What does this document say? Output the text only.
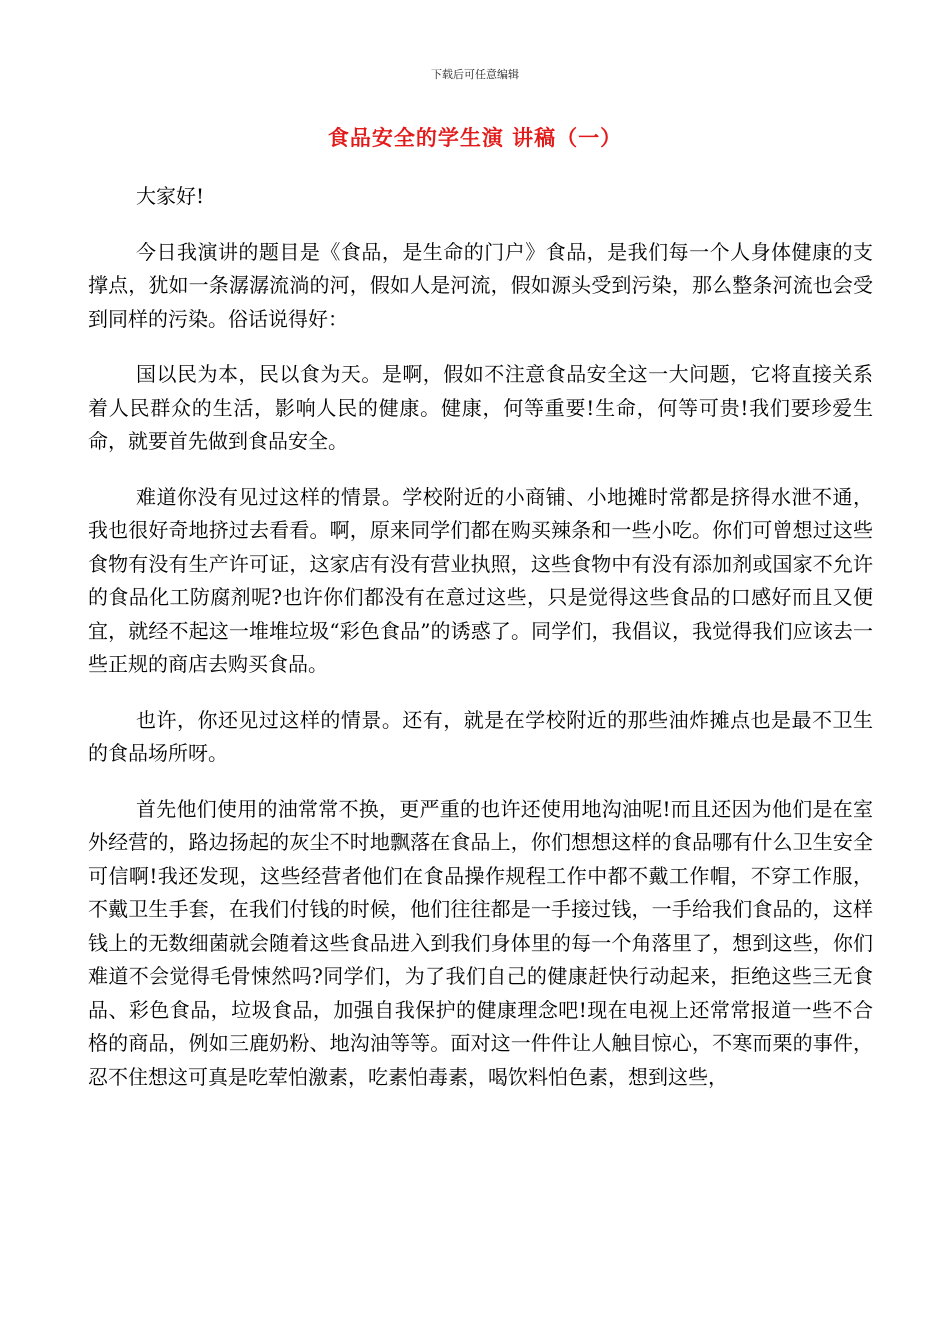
下载后可任意编辑
食品安全的学生演 讲稿（一）

大家好!

今日我演讲的题目是《食品，是生命的门户》食品，是我们每一个人身体健康的支撑点，犹如一条潺潺流淌的河，假如人是河流，假如源头受到污染，那么整条河流也会受到同样的污染。俗话说得好：

国以民为本，民以食为天。是啊，假如不注意食品安全这一大问题，它将直接关系着人民群众的生活，影响人民的健康。健康，何等重要!生命，何等可贵!我们要珍爱生命，就要首先做到食品安全。

难道你没有见过这样的情景。学校附近的小商铺、小地摊时常都是挤得水泄不通，我也很好奇地挤过去看看。啊，原来同学们都在购买辣条和一些小吃。你们可曾想过这些食物有没有生产许可证，这家店有没有营业执照，这些食物中有没有添加剂或国家不允许的食品化工防腐剂呢?也许你们都没有在意过这些，只是觉得这些食品的口感好而且又便宜，就经不起这一堆堆垃圾“彩色食品”的诱惑了。同学们，我倡议，我觉得我们应该去一些正规的商店去购买食品。

也许，你还见过这样的情景。还有，就是在学校附近的那些油炸摊点也是最不卫生的食品场所呀。

首先他们使用的油常常不换，更严重的也许还使用地沟油呢!而且还因为他们是在室外经营的，路边扬起的灰尘不时地飘落在食品上，你们想想这样的食品哪有什么卫生安全可信啊!我还发现，这些经营者他们在食品操作规程工作中都不戴工作帽，不穿工作服，不戴卫生手套，在我们付钱的时候，他们往往都是一手接过钱，一手给我们食品的，这样钱上的无数细菌就会随着这些食品进入到我们身体里的每一个角落里了，想到这些，你们难道不会觉得毛骨悚然吗?同学们，为了我们自己的健康赶快行动起来，拒绝这些三无食品、彩色食品，垃圾食品，加强自我保护的健康理念吧!现在电视上还常常报道一些不合格的商品，例如三鹿奶粉、地沟油等等。面对这一件件让人触目惊心，不寒而栗的事件，忍不住想这可真是吃荤怕激素，吃素怕毒素，喝饮料怕色素，想到这些，
